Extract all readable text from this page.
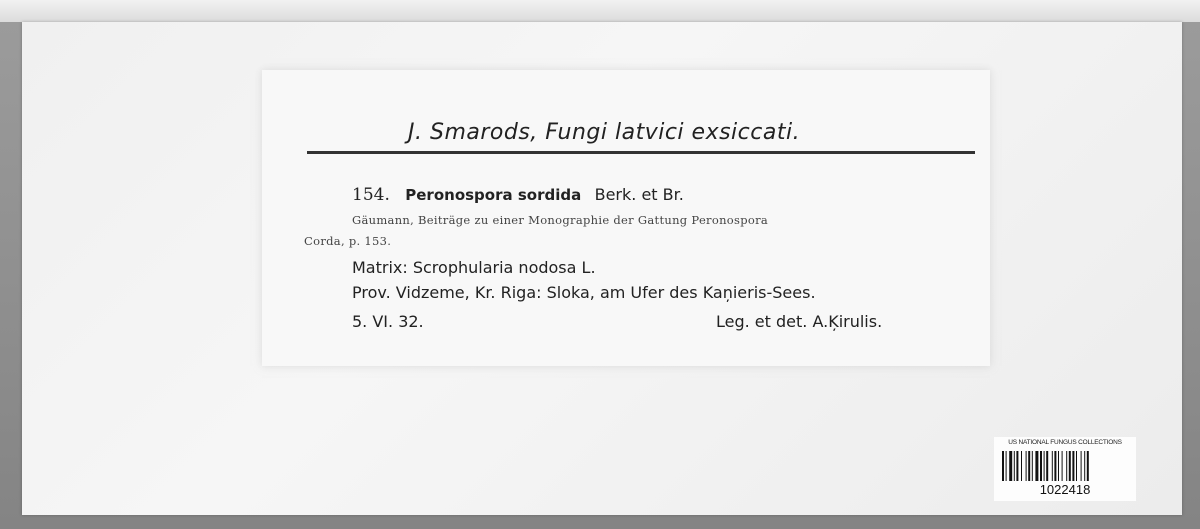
J. Smarods, Fungi latvici exsiccati.
154. Peronospora sordida Berk. et Br.
Gäumann, Beiträge zu einer Monographie der Gattung Peronospora
Corda, p. 153.
Matrix: Scrophularia nodosa L.
Prov. Vidzeme, Kr. Riga: Sloka, am Ufer des Kaņieris-Sees.
5. VI. 32.	Leg. et det. A.Ķirulis.
US NATIONAL FUNGUS COLLECTIONS
1022418
